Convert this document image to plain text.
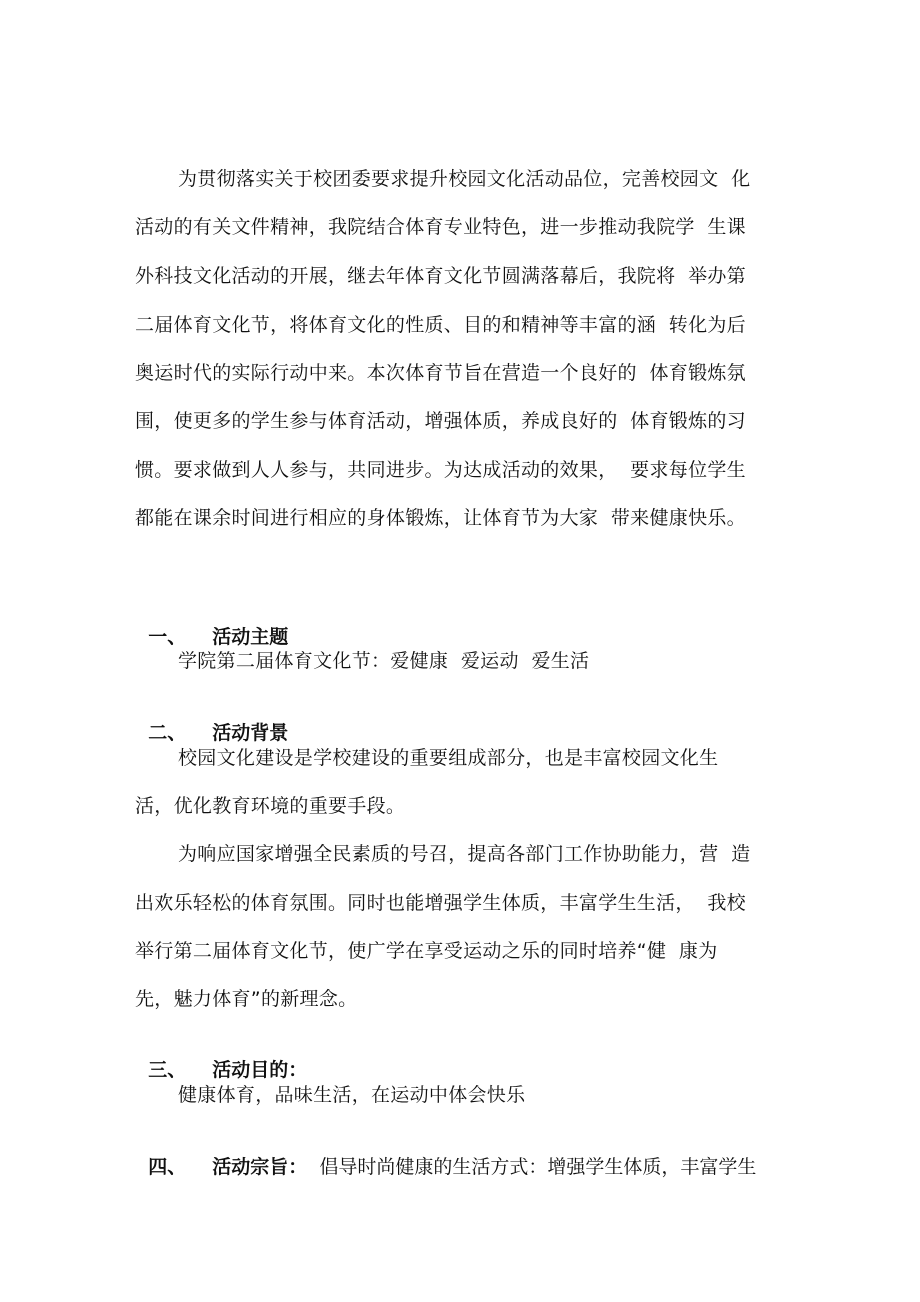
为贯彻落实关于校团委要求提升校园文化活动品位，完善校园文  化
活动的有关文件精神，我院结合体育专业特色，进一步推动我院学  生课
外科技文化活动的开展，继去年体育文化节圆满落幕后，我院将  举办第
二届体育文化节，将体育文化的性质、目的和精神等丰富的涵  转化为后
奥运时代的实际行动中来。本次体育节旨在营造一个良好的  体育锻炼氛
围，使更多的学生参与体育活动，增强体质，养成良好的  体育锻炼的习
惯。要求做到人人参与，共同进步。为达成活动的效果，  要求每位学生
都能在课余时间进行相应的身体锻炼，让体育节为大家  带来健康快乐。

一、 活动主题

学院第二届体育文化节：爱健康  爱运动  爱生活

二、 活动背景

校园文化建设是学校建设的重要组成部分，也是丰富校园文化生
活，优化教育环境的重要手段。
为响应国家增强全民素质的号召，提高各部门工作协助能力，营  造
出欢乐轻松的体育氛围。同时也能增强学生体质，丰富学生生活，  我校
举行第二届体育文化节，使广学在享受运动之乐的同时培养“健  康为
先，魅力体育”的新理念。

三、 活动目的：

健康体育，品味生活，在运动中体会快乐

四、 活动宗旨：  倡导时尚健康的生活方式：增强学生体质，丰富学生
